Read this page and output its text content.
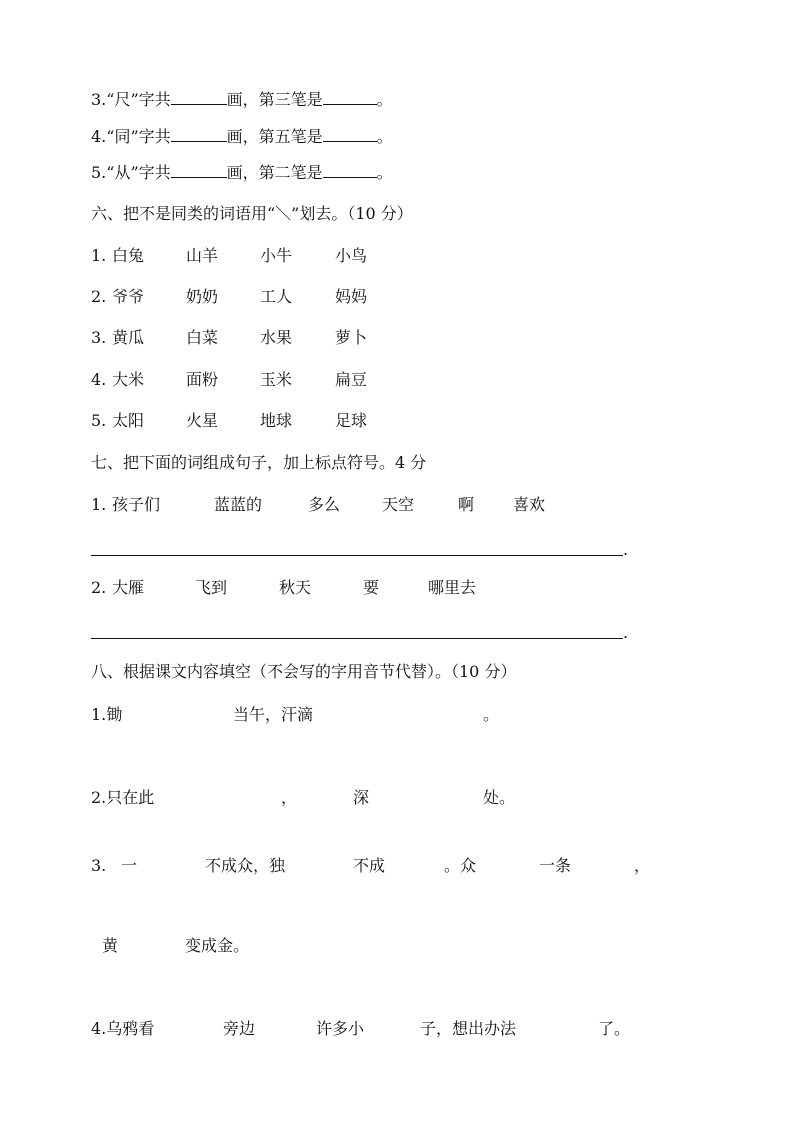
3.“尺”字共	画，第三笔是	。
4.“同”字共	画，第五笔是	。
5.“从”字共	画，第二笔是	。
六、把不是同类的词语用“＼”划去。（10 分）
1. 白兔	山羊	小牛	小鸟
2. 爷爷	奶奶	工人	妈妈
3. 黄瓜	白菜	水果	萝卜
4. 大米	面粉	玉米	扁豆
5. 太阳	火星	地球	足球
七、把下面的词组成句子，加上标点符号。4 分
1. 孩子们	蓝蓝的	多么	天空	啊 喜欢
.
2. 大雁	飞到	秋天	要	哪里去
.
八、根据课文内容填空（不会写的字用音节代替）。（10 分）
1.锄	当午，汗滴	。
2.只在此	，	深	处。
3. 一	不成众，独	不成	。众	一条	，
黄	变成金。
4.乌鸦看	旁边	许多小	子，想出办法	了。
